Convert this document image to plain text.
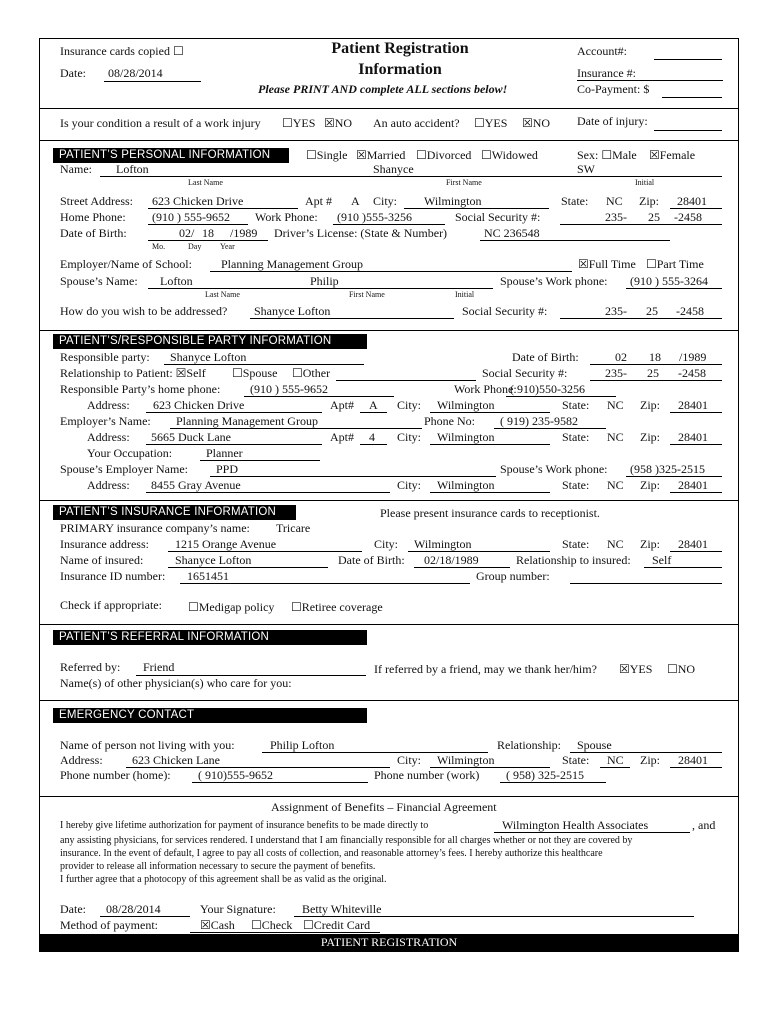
Insurance cards copied ☐
Date: 08/28/2014
Patient Registration
Information
Please PRINT AND complete ALL sections below!
Account#:
Insurance #:
Co-Payment: $
Is your condition a result of a work injury ☐YES ☒NO An auto accident? ☐YES ☒NO Date of injury:
PATIENT’S PERSONAL INFORMATION	☐Single ☒Married ☐Divorced ☐Widowed	Sex: ☐Male ☒Female
Name: Lofton	Shanyce	SW
Last Name	First Name	Initial
Street Address: 623 Chicken Drive	Apt # A City: Wilmington	State: NC Zip: 28401
Home Phone: (910 ) 555-9652 Work Phone: (910 )555-3256	Social Security #:	235- 25 -2458
Date of Birth:	02/ 18 /1989 Driver’s License: (State & Number)	NC 236548
Mo.	Day Year
Employer/Name of School: Planning Management Group	☒Full Time ☐Part Time
Spouse’s Name: Lofton	Philip	Spouse’s Work phone: (910 ) 555-3264
Last Name	First Name	Initial
How do you wish to be addressed? Shanyce Lofton	Social Security #:	235- 25 -2458
PATIENT’S/RESPONSIBLE PARTY INFORMATION
Responsible party: Shanyce Lofton	Date of Birth:	02 18 /1989
Relationship to Patient: ☒Self ☐Spouse ☐Other	Social Security #:	235- 25 -2458
Responsible Party’s home phone: (910 ) 555-9652	Work Phone:
( 910)550-3256
Address: 623 Chicken Drive	Apt# A City: Wilmington	State: NC Zip: 28401
Employer’s Name: Planning Management Group	Phone No: ( 919) 235-9582
Address: 5665 Duck Lane	Apt# 4 City: Wilmington	State: NC Zip: 28401
Your Occupation:	Planner
Spouse’s Employer Name: PPD	Spouse’s Work phone: (958 )325-2515
Address: 8455 Gray Avenue	City: Wilmington	State: NC Zip: 28401
PATIENT’S INSURANCE INFORMATION	Please present insurance cards to receptionist.
PRIMARY insurance company’s name: Tricare
Insurance address: 1215 Orange Avenue	City: Wilmington	State: NC Zip: 28401
Name of insured:	Shanyce Lofton	Date of Birth: 02/18/1989	Relationship to insured: Self
Insurance ID number: 1651451	Group number:
Check if appropriate: ☐Medigap policy ☐Retiree coverage
PATIENT’S REFERRAL INFORMATION
Referred by: Friend	If referred by a friend, may we thank her/him? ☒YES ☐NO
Name(s) of other physician(s) who care for you:
EMERGENCY CONTACT
Name of person not living with you:	Philip Lofton	Relationship: Spouse
Address: 623 Chicken Lane	City: Wilmington	State: NC Zip: 28401
Phone number (home): ( 910)555-9652	Phone number (work) ( 958) 325-2515
Assignment of Benefits – Financial Agreement
I hereby give lifetime authorization for payment of insurance benefits to be made directly to	Wilmington Health Associates	, and
any assisting physicians, for services rendered. I understand that I am financially responsible for all charges whether or not they are covered by
insurance. In the event of default, I agree to pay all costs of collection, and reasonable attorney’s fees. I hereby authorize this healthcare
provider to release all information necessary to secure the payment of benefits.
I further agree that a photocopy of this agreement shall be as valid as the original.
Date: 08/28/2014	Your Signature: Betty Whiteville
Method of payment:	☒Cash ☐Check ☐Credit Card
PATIENT REGISTRATION
